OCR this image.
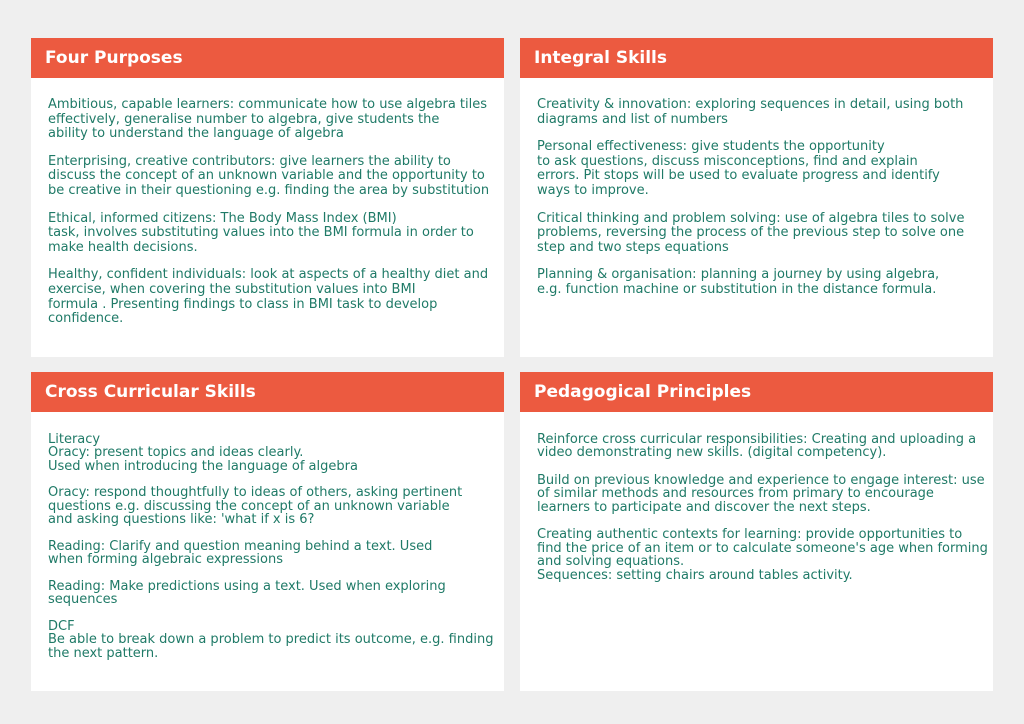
Four Purposes
Ambitious, capable learners: communicate how to use algebra tiles
effectively, generalise number to algebra, give students the
ability to understand the language of algebra
Enterprising, creative contributors: give learners the ability to
discuss the concept of an unknown variable and the opportunity to
be creative in their questioning e.g. finding the area by substitution
Ethical, informed citizens: The Body Mass Index (BMI)
task, involves substituting values into the BMI formula in order to
make health decisions.
Healthy, confident individuals: look at aspects of a healthy diet and
exercise, when covering the substitution values into BMI
formula . Presenting findings to class in BMI task to develop
confidence.
Integral Skills
Creativity & innovation: exploring sequences in detail, using both
diagrams and list of numbers
Personal effectiveness: give students the opportunity
to ask questions, discuss misconceptions, find and explain
errors. Pit stops will be used to evaluate progress and identify
ways to improve.
Critical thinking and problem solving: use of algebra tiles to solve
problems, reversing the process of the previous step to solve one
step and two steps equations
Planning & organisation: planning a journey by using algebra,
e.g. function machine or substitution in the distance formula.
Cross Curricular Skills
Literacy
Oracy: present topics and ideas clearly.
Used when introducing the language of algebra
Oracy: respond thoughtfully to ideas of others, asking pertinent
questions e.g. discussing the concept of an unknown variable
and asking questions like: 'what if x is 6?
Reading: Clarify and question meaning behind a text. Used
when forming algebraic expressions
Reading: Make predictions using a text. Used when exploring
sequences
DCF
Be able to break down a problem to predict its outcome, e.g. finding
the next pattern.
Pedagogical Principles
Reinforce cross curricular responsibilities: Creating and uploading a
video demonstrating new skills. (digital competency).
Build on previous knowledge and experience to engage interest: use
of similar methods and resources from primary to encourage
learners to participate and discover the next steps.
Creating authentic contexts for learning: provide opportunities to
find the price of an item or to calculate someone's age when forming
and solving equations.
Sequences: setting chairs around tables activity.
